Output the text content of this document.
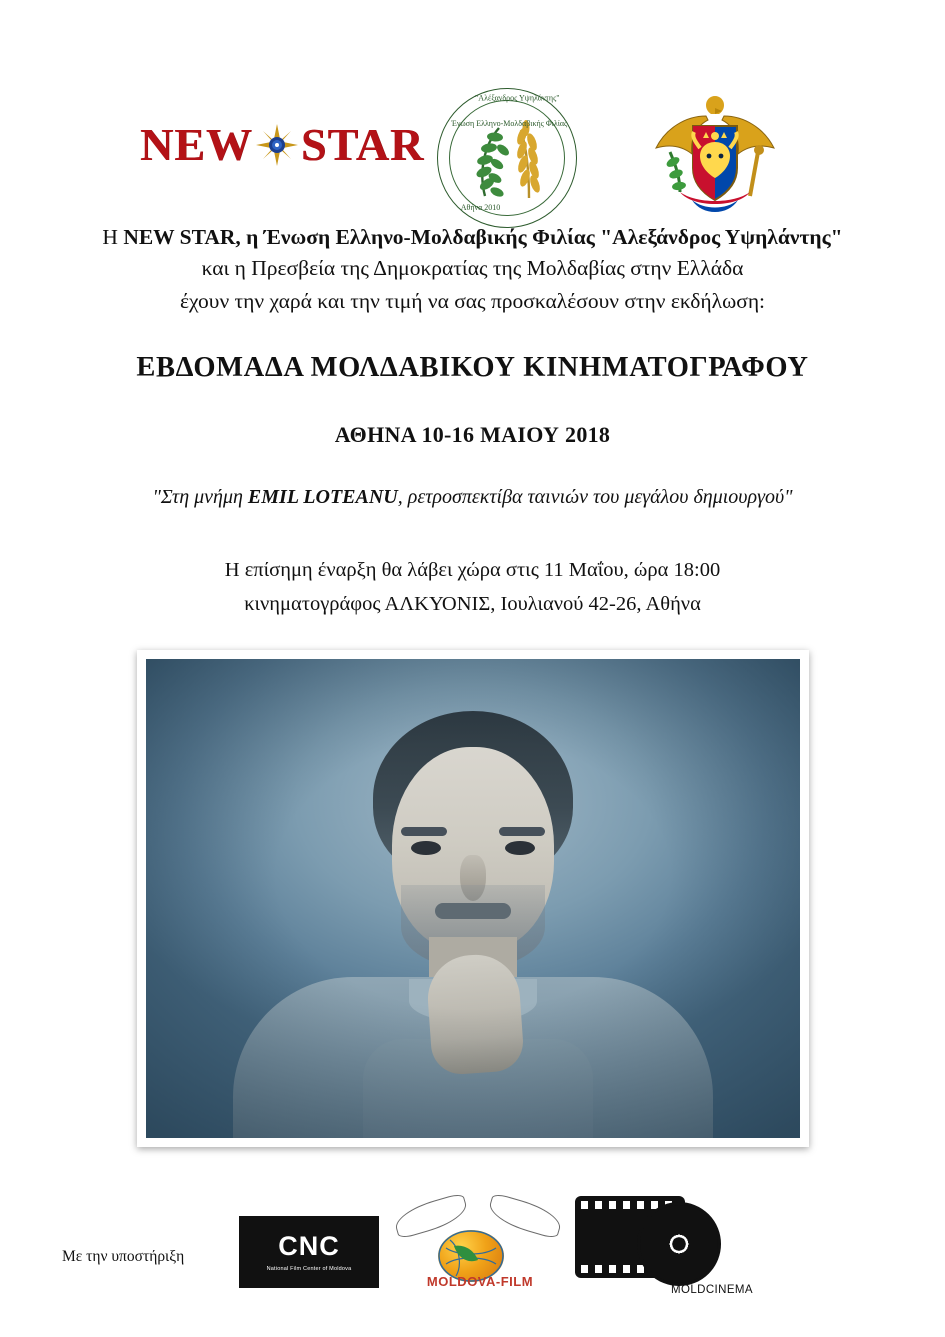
NEW STAR	Ένωση Ελληνο-Μολδαβικής Φιλίας
"Αλέξανδρος Υψηλάντης"
Αθήνα 2010
Η NEW STAR, η Ένωση Ελληνο-Μολδαβικής Φιλίας "Αλεξάνδρος Υψηλάντης"
και η Πρεσβεία της Δημοκρατίας της Μολδαβίας στην Ελλάδα
έχουν την χαρά και την τιμή να σας προσκαλέσουν στην εκδήλωση:
ΕΒΔΟΜΑΔΑ ΜΟΛΔΑΒΙΚΟΥ ΚΙΝΗΜΑΤΟΓΡΑΦΟΥ
ΑΘΗΝΑ 10-16 ΜΑΙΟΥ 2018
"Στη μνήμη EMIL LOTEANU, ρετροσπεκτίβα ταινιών του μεγάλου δημιουργού"
Η επίσημη έναρξη θα λάβει χώρα στις 11 Μαΐου, ώρα 18:00
κινηματογράφος ΑΛΚΥΟΝΙΣ, Ιουλιανού 42-26, Αθήνα
Με την υποστήριξη	CNC
National Film Center of Moldova
MOLDOVA-FILM
MOLDCINEMA
